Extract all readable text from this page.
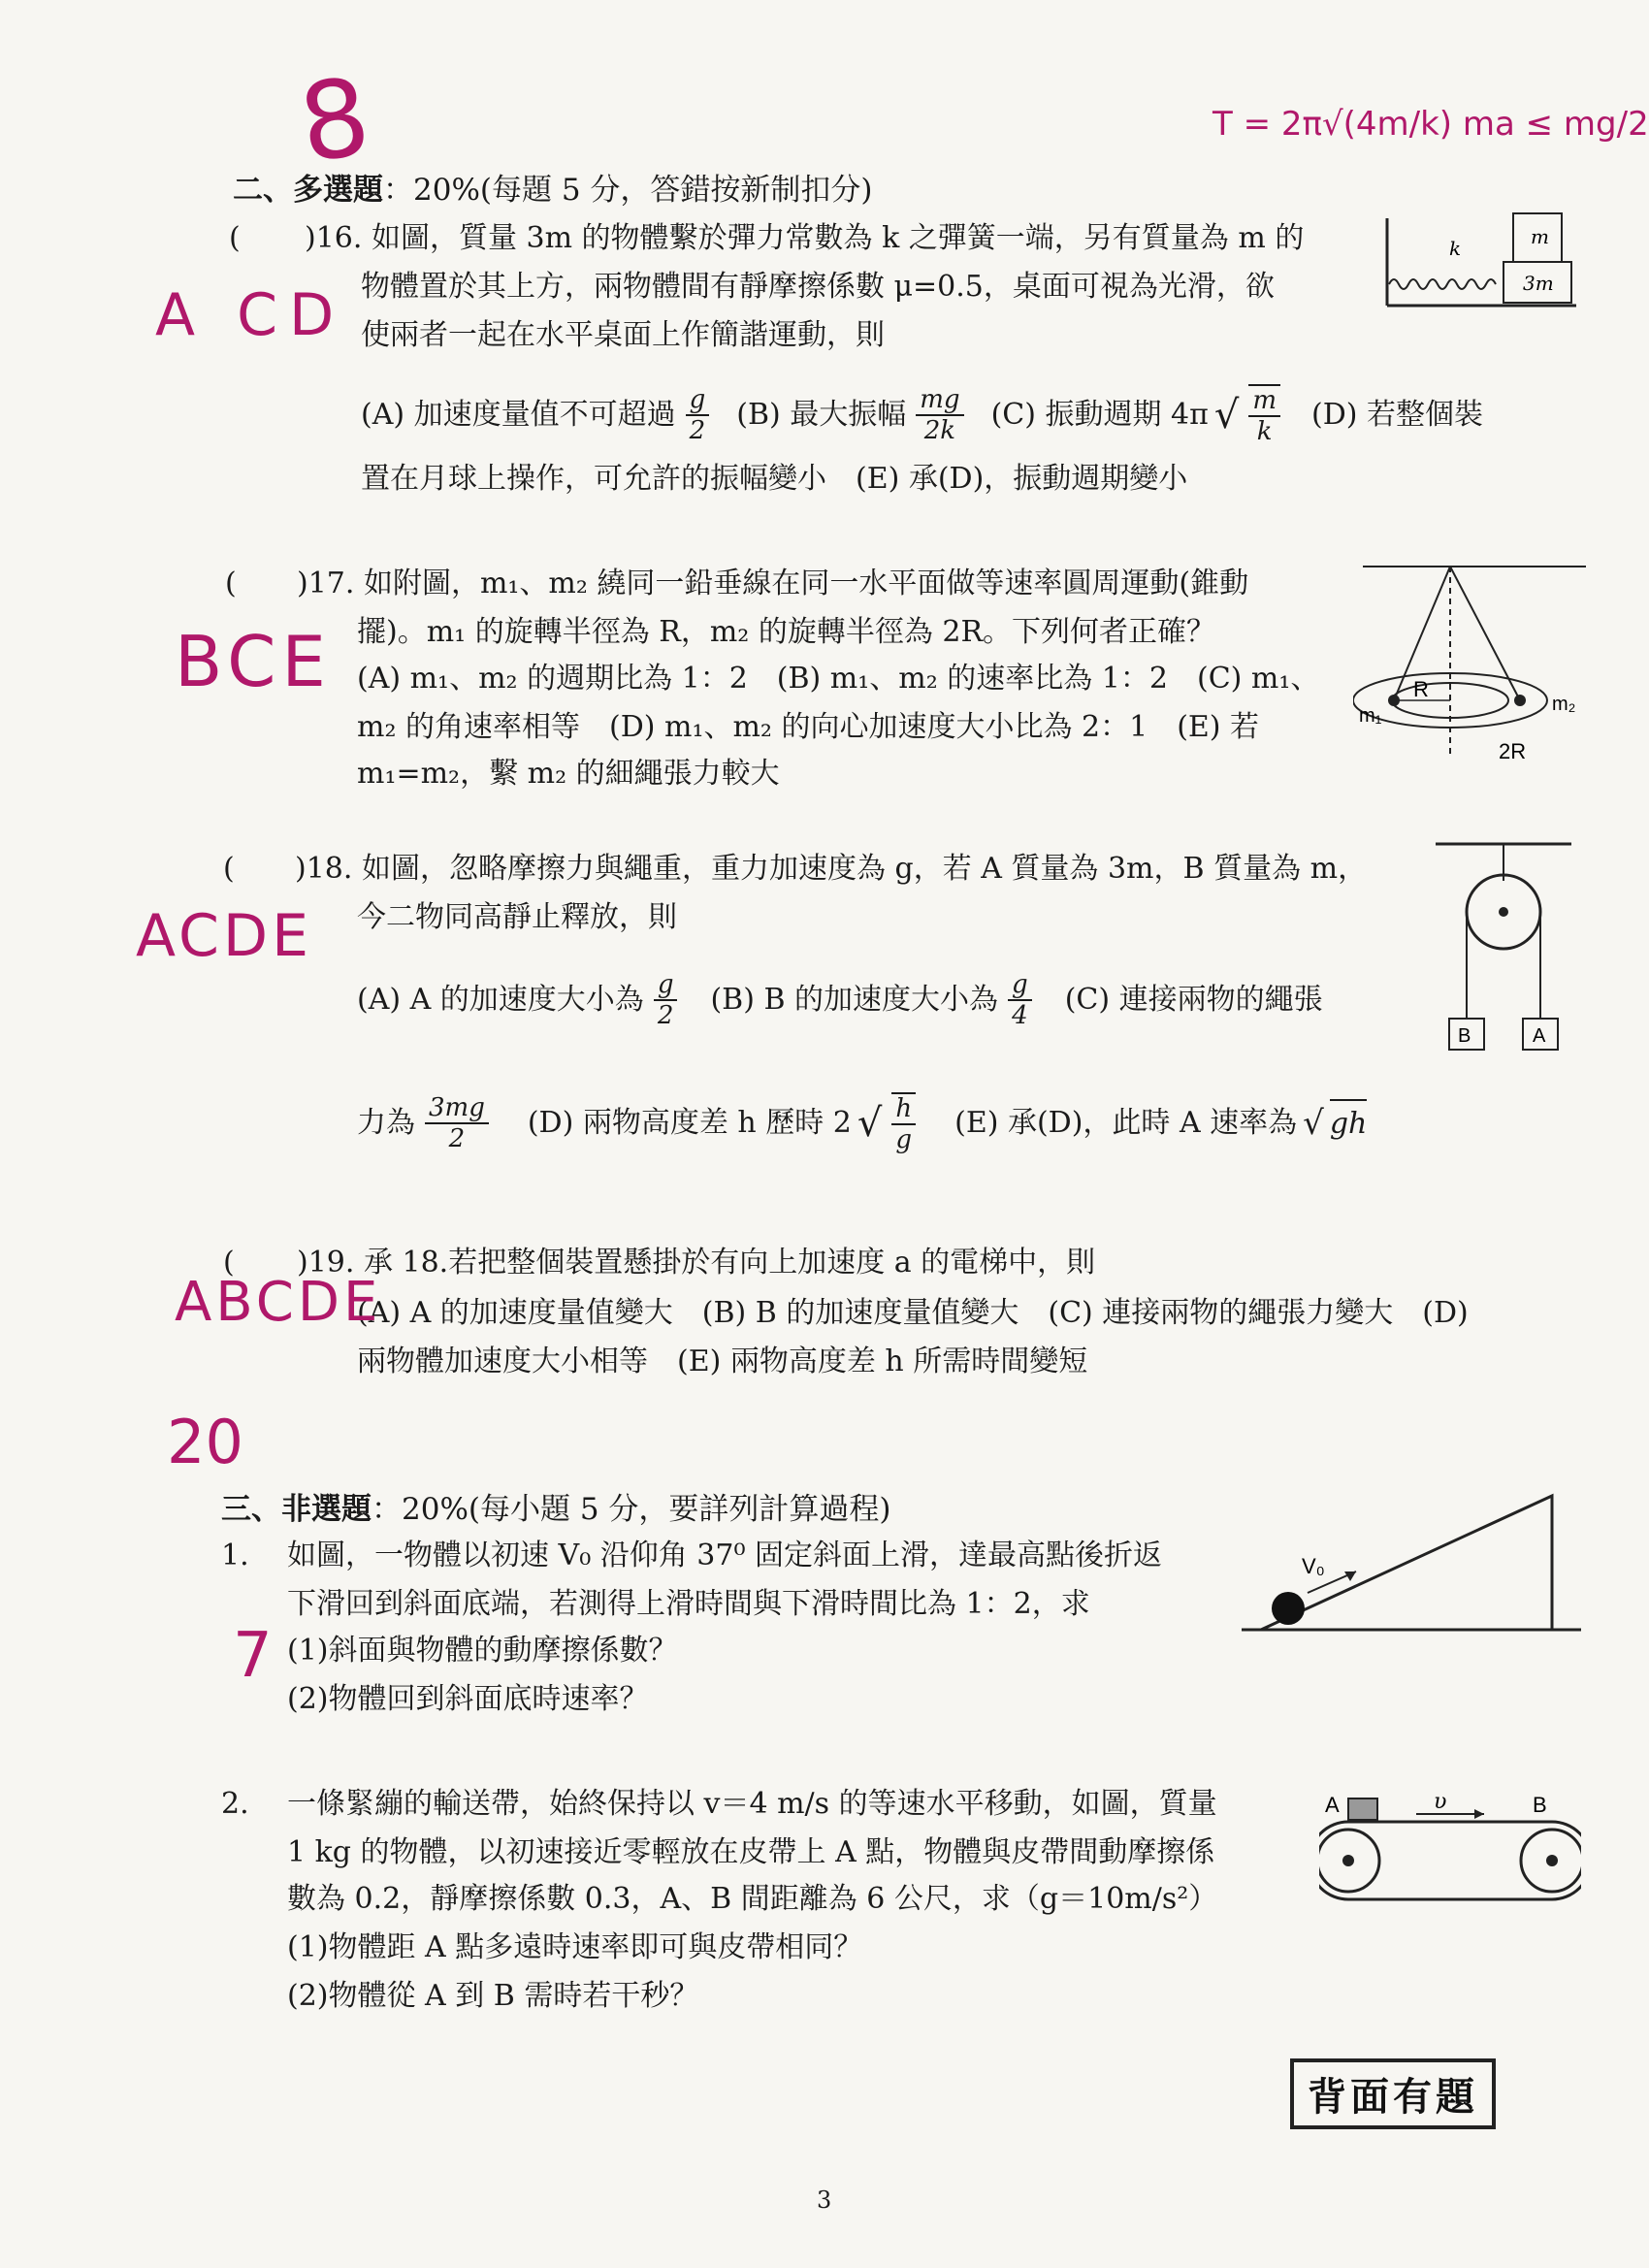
二、多選題：20%(每題 5 分，答錯按新制扣分)
( )16. 如圖，質量 3m 的物體繫於彈力常數為 k 之彈簧一端，另有質量為 m 的
物體置於其上方，兩物體間有靜摩擦係數 μ=0.5，桌面可視為光滑，欲
使兩者一起在水平桌面上作簡諧運動，則
(A) 加速度量值不可超過 $\frac{g}{2} (B)$ 最大振幅 $\frac{mg}{2k} (C)$ 振動週期 4π √ $\frac{m}{k} (D)$ 若整個裝
置在月球上操作，可允許的振幅變小　(E) 承(D)，振動週期變小
k
3m
m
( )17. 如附圖，m₁、m₂ 繞同一鉛垂線在同一水平面做等速率圓周運動(錐動
擺)。m₁ 的旋轉半徑為 R，m₂ 的旋轉半徑為 2R。下列何者正確？
(A) m₁、m₂ 的週期比為 1：2　(B) m₁、m₂ 的速率比為 1：2　(C) m₁、
m₂ 的角速率相等　(D) m₁、m₂ 的向心加速度大小比為 2：1　(E) 若
m₁=m₂，繫 m₂ 的細繩張力較大
R
m₁
m₂
2R
( )18. 如圖，忽略摩擦力與繩重，重力加速度為 g，若 A 質量為 3m，B 質量為 m，
今二物同高靜止釋放，則
(A) A 的加速度大小為 $\frac{g}{2} (B)$ B 的加速度大小為 $\frac{g}{4} (C)$ 連接兩物的繩張
力為 $\frac{3mg}{2} (D)$ 兩物高度差 h 歷時 2 √ $\frac{h}{g} (E)$ 承(D)，此時 A 速率為 √ gh
B	A
( )19. 承 18.若把整個裝置懸掛於有向上加速度 a 的電梯中，則
(A) A 的加速度量值變大　(B) B 的加速度量值變大　(C) 連接兩物的繩張力變大　(D)
兩物體加速度大小相等　(E) 兩物高度差 h 所需時間變短
三、非選題：20%(每小題 5 分，要詳列計算過程)
1. 如圖，一物體以初速 V₀ 沿仰角 37⁰ 固定斜面上滑，達最高點後折返
下滑回到斜面底端，若測得上滑時間與下滑時間比為 1：2，求
(1)斜面與物體的動摩擦係數？
(2)物體回到斜面底時速率？
V₀
2. 一條緊繃的輸送帶，始終保持以 v＝4 m/s 的等速水平移動，如圖，質量
1 kg 的物體，以初速接近零輕放在皮帶上 A 點，物體與皮帶間動摩擦係
數為 0.2，靜摩擦係數 0.3，A、B 間距離為 6 公尺，求（g＝10m/s²）
(1)物體距 A 點多遠時速率即可與皮帶相同？
(2)物體從 A 到 B 需時若干秒？
A	B
υ
背面有題
3
8	T = 2π√(4m/k) ma ≤ mg/2
A CD
BCE
ACDE
ABCDE
20
7
